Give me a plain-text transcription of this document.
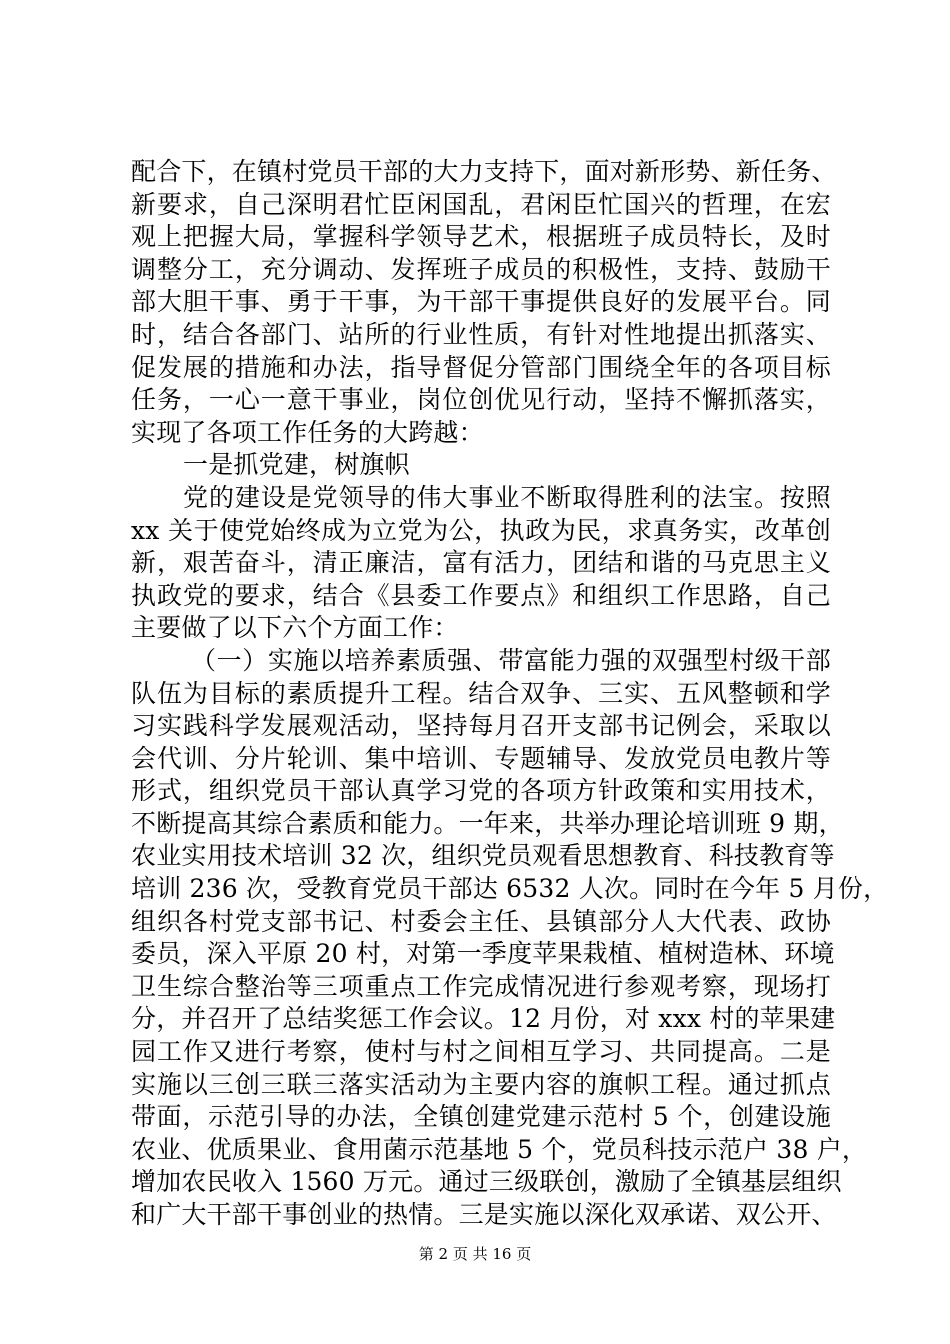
配合下，在镇村党员干部的大力支持下，面对新形势、新任务、
新要求，自己深明君忙臣闲国乱，君闲臣忙国兴的哲理，在宏
观上把握大局，掌握科学领导艺术，根据班子成员特长，及时
调整分工，充分调动、发挥班子成员的积极性，支持、鼓励干
部大胆干事、勇于干事，为干部干事提供良好的发展平台。同
时，结合各部门、站所的行业性质，有针对性地提出抓落实、
促发展的措施和办法，指导督促分管部门围绕全年的各项目标
任务，一心一意干事业，岗位创优见行动，坚持不懈抓落实，
实现了各项工作任务的大跨越：
一是抓党建，树旗帜
党的建设是党领导的伟大事业不断取得胜利的法宝。按照
xx 关于使党始终成为立党为公，执政为民，求真务实，改革创
新，艰苦奋斗，清正廉洁，富有活力，团结和谐的马克思主义
执政党的要求，结合《县委工作要点》和组织工作思路，自己
主要做了以下六个方面工作：
（一）实施以培养素质强、带富能力强的双强型村级干部
队伍为目标的素质提升工程。结合双争、三实、五风整顿和学
习实践科学发展观活动，坚持每月召开支部书记例会，采取以
会代训、分片轮训、集中培训、专题辅导、发放党员电教片等
形式，组织党员干部认真学习党的各项方针政策和实用技术，
不断提高其综合素质和能力。一年来，共举办理论培训班 9 期，
农业实用技术培训 32 次，组织党员观看思想教育、科技教育等
培训 236 次，受教育党员干部达 6532 人次。同时在今年 5 月份，
组织各村党支部书记、村委会主任、县镇部分人大代表、政协
委员，深入平原 20 村，对第一季度苹果栽植、植树造林、环境
卫生综合整治等三项重点工作完成情况进行参观考察，现场打
分，并召开了总结奖惩工作会议。12 月份，对 xxx 村的苹果建
园工作又进行考察，使村与村之间相互学习、共同提高。二是
实施以三创三联三落实活动为主要内容的旗帜工程。通过抓点
带面，示范引导的办法，全镇创建党建示范村 5 个，创建设施
农业、优质果业、食用菌示范基地 5 个，党员科技示范户 38 户，
增加农民收入 1560 万元。通过三级联创，激励了全镇基层组织
和广大干部干事创业的热情。三是实施以深化双承诺、双公开、
第 2 页 共 16 页
